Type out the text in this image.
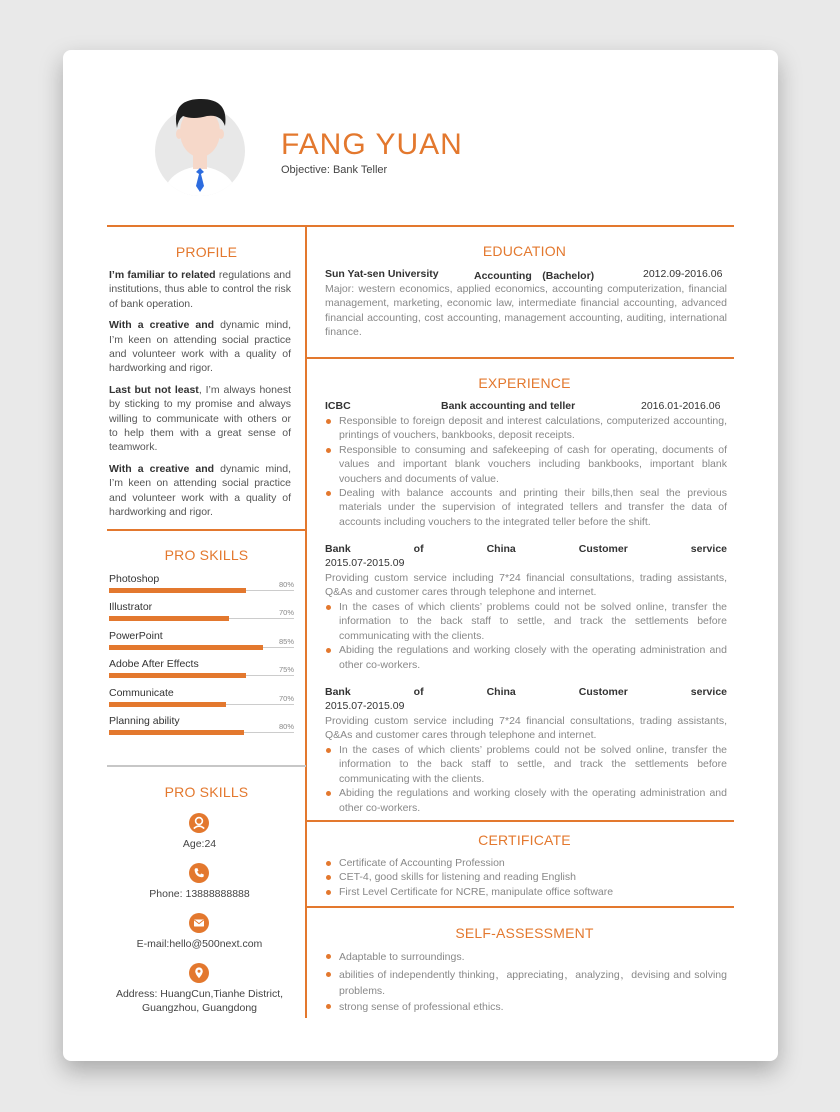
FANG YUAN
Objective: Bank Teller
PROFILE

I’m familiar to related regulations and institutions, thus able to control the risk of bank operation.

With a creative and dynamic mind, I’m keen on attending social practice and volunteer work with a quality of hardworking and rigor.

Last but not least, I’m always honest by sticking to my promise and always willing to communicate with others or to help them with a great sense of teamwork.

With a creative and dynamic mind, I’m keen on attending social practice and volunteer work with a quality of hardworking and rigor.

PRO SKILLS
Photoshop	80%
Illustrator	70%
PowerPoint	85%
Adobe After Effects	75%
Communicate	70%
Planning ability	80%
PRO SKILLS
Age:24
Phone: 13888888888
E-mail:hello@500next.com
Address: HuangCun,Tianhe District,
Guangzhou, Guangdong
EDUCATION
Sun Yat-sen University	Accounting　(Bachelor)	2012.09-2016.06

Major: western economics, applied economics, accounting computerization, financial management, marketing, economic law, intermediate financial accounting, advanced financial accounting, cost accounting, management accounting, auditing, international finance.

EXPERIENCE
ICBC	Bank accounting and teller	2016.01-2016.06
Responsible to foreign deposit and interest calculations, computerized accounting, printings of vouchers, bankbooks, deposit receipts.
Responsible to consuming and safekeeping of cash for operating, documents of values and important blank vouchers including bankbooks, important blank vouchers and documents of value.
Dealing with balance accounts and printing their bills,then seal the previous materials under the supervision of integrated tellers and transfer the data of accounts including vouchers to the integrated teller before the shift.
Bank of China	Customer service
2015.07-2015.09

Providing custom service including 7*24 financial consultations, trading assistants, Q&As and customer cares through telephone and internet.

In the cases of which clients’ problems could not be solved online, transfer the information to the back staff to settle, and track the settlements before communicating with the clients.
Abiding the regulations and working closely with the operating administration and other co-workers.
Bank of China	Customer service
2015.07-2015.09

Providing custom service including 7*24 financial consultations, trading assistants, Q&As and customer cares through telephone and internet.

In the cases of which clients’ problems could not be solved online, transfer the information to the back staff to settle, and track the settlements before communicating with the clients.
Abiding the regulations and working closely with the operating administration and other co-workers.
CERTIFICATE
Certificate of Accounting Profession
CET-4, good skills for listening and reading English
First Level Certificate for NCRE, manipulate office software
SELF-ASSESSMENT
Adaptable to surroundings.
abilities of independently thinking，appreciating，analyzing，devising and solving problems.
strong sense of professional ethics.
